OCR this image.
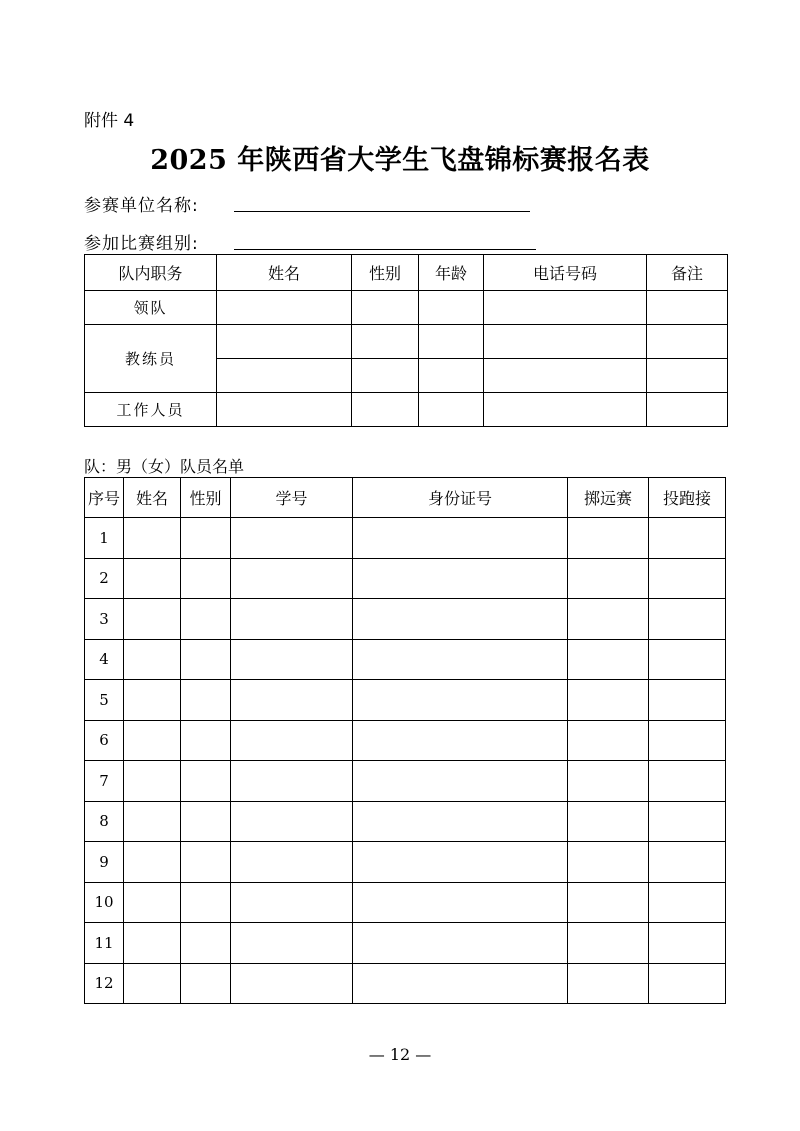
附件 4
2025 年陕西省大学生飞盘锦标赛报名表
参赛单位名称:
参加比赛组别:
队内职务	姓名	性别	年龄	电话号码	备注
领队					
教练员					

工作人员					
队：男（女）队员名单
序号	姓名	性别	学号	身份证号	掷远赛	投跑接
1						
2						
3						
4						
5						
6						
7						
8						
9						
10						
11						
12						
— 12 —
